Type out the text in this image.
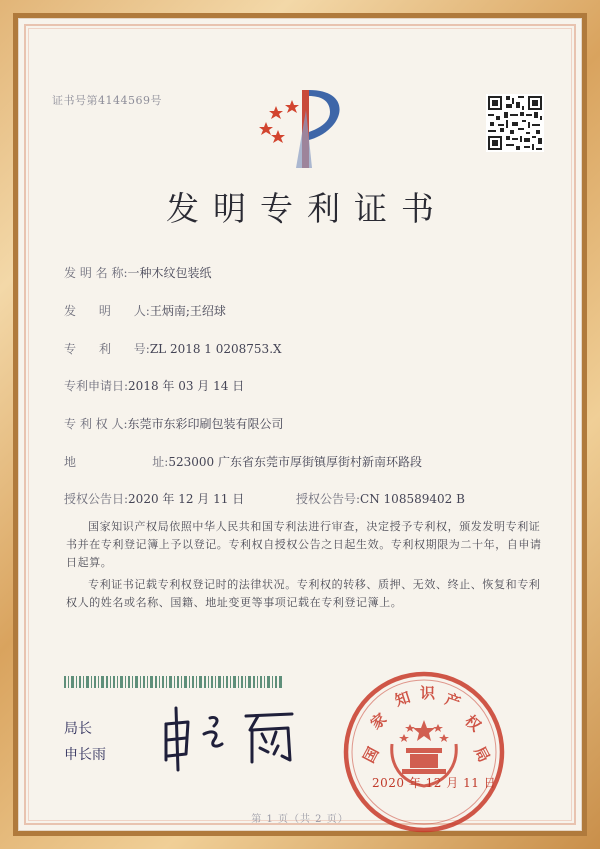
证书号第4144569号
发明专利证书
发 明 名 称:一种木纹包装纸
发      明      人:王炳南;王绍球
专      利      号:ZL 2018 1 0208753.X
专利申请日:2018 年 03 月 14 日
专 利 权 人:东莞市东彩印刷包装有限公司
地                    址:523000 广东省东莞市厚街镇厚街村新南环路段
授权公告日:2020 年 12 月 11 日	授权公告号:CN 108589402 B
国家知识产权局依照中华人民共和国专利法进行审查，决定授予专利权，颁发发明专利证书并在专利登记簿上予以登记。专利权自授权公告之日起生效。专利权期限为二十年，自申请日起算。
专利证书记载专利权登记时的法律状况。专利权的转移、质押、无效、终止、恢复和专利权人的姓名或名称、国籍、地址变更等事项记载在专利登记簿上。
局长
申长雨	国
家
知 识 产
权
局
2020 年 12 月 11 日
第 1 页（共 2 页）
